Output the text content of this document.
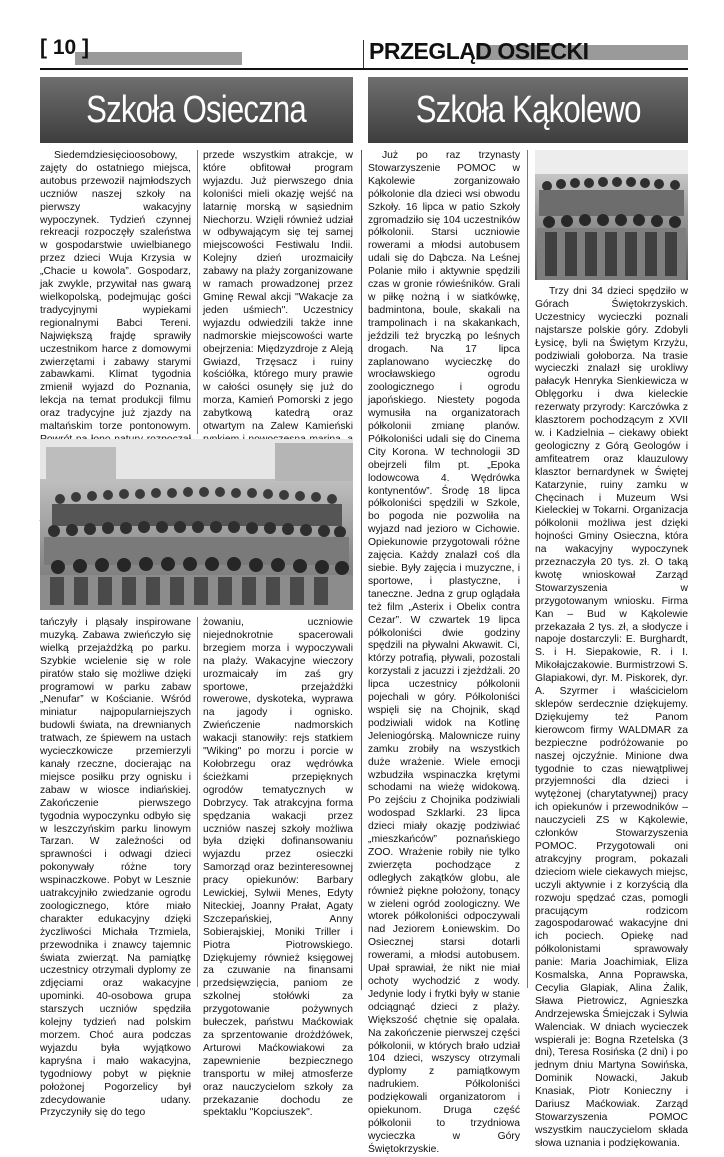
[ 10 ]	PRZEGLĄD OSIECKI
Szkoła Osieczna	Szkoła Kąkolewo

Siedemdziesięcioosobowy, zajęty do ostatniego miejsca, autobus przewoził najmłodszych uczniów naszej szkoły na pierwszy wakacyjny wypoczynek. Tydzień czynnej rekreacji rozpoczęły szaleństwa w gospodarstwie uwielbianego przez dzieci Wuja Krzysia w „Chacie u kowola”. Gospodarz, jak zwykle, przywitał nas gwarą wielkopolską, podejmując gości tradycyjnymi wypiekami regionalnymi Babci Tereni. Największą frajdę sprawiły uczestnikom harce z domowymi zwierzętami i zabawy starymi zabawkami. Klimat tygodnia zmienił wyjazd do Poznania, lekcja na temat produkcji filmu oraz tradycyjne już zjazdy na maltańskim torze pontonowym.

przede wszystkim atrakcje, w które obfitował program wyjazdu. Już pierwszego dnia koloniści mieli okazję wejść na latarnię morską w sąsiednim Niechorzu. Wzięli również udział w odbywającym się tej samej miejscowości Festiwalu Indii. Kolejny dzień urozmaiciły zabawy na plaży zorganizowane w ramach prowadzonej przez Gminę Rewal akcji "Wakacje za jeden uśmiech". Uczestnicy wyjazdu odwiedzili także inne nadmorskie miejscowości warte obejrzenia: Międzyzdroje z Aleją Gwiazd, Trzęsacz i ruiny kościółka, którego mury prawie w całości osunęły się już do morza, Kamień Pomorski z jego zabytkową katedrą oraz otwartym na Zalew Kamieński

tańczyły i pląsały inspirowane muzyką. Zabawa zwieńczyło się wielką przejażdżką po parku. Szybkie wcielenie się w role piratów stało się możliwe dzięki programowi w parku zabaw „Nenufar” w Kościanie. Wśród miniatur najpopularniejszych budowli świata, na drewnianych tratwach, ze śpiewem na ustach wycieczkowicze przemierzyli kanały rzeczne, docierając na miejsce posiłku przy ognisku i zabaw w wiosce indiańskiej. Zakończenie pierwszego tygodnia wypoczynku odbyło się w leszczyńskim parku linowym Tarzan. W zależności od sprawności i odwagi dzieci pokonywały różne tory wspinaczkowe. Pobyt w Lesznie uatrakcyjniło zwiedzanie ogrodu zoologicznego, które miało charakter edukacyjny dzięki życzliwości Michała Trzmiela, przewodnika i znawcy tajemnic świata zwierząt. Na pamiątkę uczestnicy otrzymali dyplomy ze zdjęciami oraz wakacyjne upominki. 40-osobowa grupa starszych uczniów spędziła kolejny tydzień nad polskim morzem. Choć aura podczas wyjazdu była wyjątkowo kapryśna i mało wakacyjna, tygodniowy pobyt w pięknie położonej Pogorzelicy był zdecydowanie udany. Przyczyniły się do tego

żowaniu, uczniowie niejednokrotnie spacerowali brzegiem morza i wypoczywali na plaży. Wakacyjne wieczory urozmaicały im zaś gry sportowe, przejażdżki rowerowe, dyskoteka, wyprawa na jagody i ognisko. Zwieńczenie nadmorskich wakacji stanowiły: rejs statkiem "Wiking" po morzu i porcie w Kołobrzegu oraz wędrówka ścieżkami przepięknych ogrodów tematycznych w Dobrzycy. Tak atrakcyjna forma spędzania wakacji przez uczniów naszej szkoły możliwa była dzięki dofinansowaniu wyjazdu przez osieczki Samorząd oraz bezinteresownej pracy opiekunów: Barbary Lewickiej, Sylwii Menes, Edyty Niteckiej, Joanny Prałat, Agaty Szczepańskiej, Anny Sobierajskiej, Moniki Triller i Piotra Piotrowskiego. Dziękujemy również księgowej za czuwanie na finansami przedsięwzięcia, paniom ze szkolnej stołówki za przygotowanie pożywnych bułeczek, państwu Maćkowiak za sprzentowanie drożdżówek, Arturowi Maćkowiakowi za zapewnienie bezpiecznego transportu w miłej atmosferze oraz nauczycielom szkoły za przekazanie dochodu ze spektaklu "Kopciuszek".

Już po raz trzynasty Stowarzyszenie POMOC w Kąkolewie zorganizowało półkolonie dla dzieci wsi obwodu Szkoły. 16 lipca w patio Szkoły zgromadziło się 104 uczestników półkolonii. Starsi uczniowie rowerami a młodsi autobusem udali się do Dąbcza. Na Leśnej Polanie miło i aktywnie spędzili czas w gronie rówieśników. Grali w piłkę nożną i w siatkówkę, badmintona, boule, skakali na trampolinach i na skakankach, jeździli też bryczką po leśnych drogach. Na 17 lipca zaplanowano wycieczkę do wrocławskiego ogrodu zoologicznego i ogrodu japońskiego. Niestety pogoda wymusiła na organizatorach półkolonii zmianę planów. Półkoloniści udali się do Cinema City Korona. W technologii 3D obejrzeli film pt. „Epoka lodowcowa 4. Wędrówka kontynentów”. Środę 18 lipca półkoloniści spędzili w Szkole, bo pogoda nie pozwoliła na wyjazd nad jezioro w Cichowie. Opiekunowie przygotowali różne zajęcia. Każdy znalazł coś dla siebie. Były zajęcia i muzyczne, i sportowe, i plastyczne, i taneczne. Jedna z grup oglądała też film „Asterix i Obelix contra Cezar”. W czwartek 19 lipca półkoloniści dwie godziny spędzili na pływalni Akwawit. Ci, którzy potrafią, pływali, pozostali korzystali z jacuzzi i zjeżdżali. 20 lipca uczestnicy półkolonii pojechali w góry. Półkoloniści wspięli się na Chojnik, skąd podziwiali widok na Kotlinę Jeleniogórską. Malownicze ruiny zamku zrobiły na wszystkich duże wrażenie. Wiele emocji wzbudziła wspinaczka krętymi schodami na wieżę widokową. Po zejściu z Chojnika podziwiali wodospad Szklarki. 23 lipca dzieci miały okazję podziwiać „mieszkańców” poznańskiego ZOO. Wrażenie robiły nie tylko zwierzęta pochodzące z odległych zakątków globu, ale również piękne położony, tonący w zieleni ogród zoologiczny. We wtorek półkoloniści odpoczywali nad Jeziorem Łoniewskim. Do Osiecznej starsi dotarli rowerami, a młodsi autobusem. Upał sprawiał, że nikt nie miał ochoty wychodzić z wody. Jedynie lody i frytki były w stanie odciągnąć dzieci z plaży. Większość chętnie się opalała. Na zakończenie pierwszej części półkolonii, w których brało udział 104 dzieci, wszyscy otrzymali dyplomy z pamiątkowym nadrukiem. Półkoloniści podziękowali organizatorom i opiekunom. Druga część półkolonii to trzydniowa wycieczka w Góry Świętokrzyskie.

Trzy dni 34 dzieci spędziło w Górach Świętokrzyskich. Uczestnicy wycieczki poznali najstarsze polskie góry. Zdobyli Łysicę, byli na Świętym Krzyżu, podziwiali gołoborza. Na trasie wycieczki znalazł się urokliwy pałacyk Henryka Sienkiewicza w Oblęgorku i dwa kieleckie rezerwaty przyrody: Karczówka z klasztorem pochodzącym z XVII w. i Kadzielnia – ciekawy obiekt geologiczny z Górą Geologów i amfiteatrem oraz klauzulowy klasztor bernardynek w Świętej Katarzynie, ruiny zamku w Chęcinach i Muzeum Wsi Kieleckiej w Tokarni. Organizacja półkolonii możliwa jest dzięki hojności Gminy Osieczna, która na wakacyjny wypoczynek przeznaczyła 20 tys. zł. O taką kwotę wnioskował Zarząd Stowarzyszenia w przygotowanym wniosku. Firma Kan – Bud w Kąkolewie przekazała 2 tys. zł, a słodycze i napoje dostarczyli: E. Burghardt, S. i H. Siepakowie, R. i I. Mikołajczakowie. Burmistrzowi S. Glapiakowi, dyr. M. Piskorek, dyr. A. Szyrmer i właścicielom sklepów serdecznie dziękujemy. Dziękujemy też Panom kierowcom firmy WALDMAR za bezpieczne podróżowanie po naszej ojczyźnie. Minione dwa tygodnie to czas niewątpliwej przyjemności dla dzieci i wytężonej (charytatywnej) pracy ich opiekunów i przewodników – nauczycieli ZS w Kąkolewie, członków Stowarzyszenia POMOC. Przygotowali oni atrakcyjny program, pokazali dzieciom wiele ciekawych miejsc, uczyli aktywnie i z korzyścią dla rozwoju spędzać czas, pomogli pracującym rodzicom zagospodarować wakacyjne dni ich pociech. Opiekę nad półkolonistami sprawowały panie: Maria Joachimiak, Eliza Kosmalska, Anna Poprawska, Cecylia Glapiak, Alina Żalik, Sława Pietrowicz, Agnieszka Andrzejewska Śmiejczak i Sylwia Walenciak. W dniach wycieczek wspierali je: Bogna Rzetelska (3 dni), Teresa Rosińska (2 dni) i po jednym dniu Martyna Sowińska, Dominik Nowacki, Jakub Knasiak, Piotr Konieczny i Dariusz Maćkowiak. Zarząd Stowarzyszenia POMOC wszystkim nauczycielom składa słowa uznania i podziękowania.
